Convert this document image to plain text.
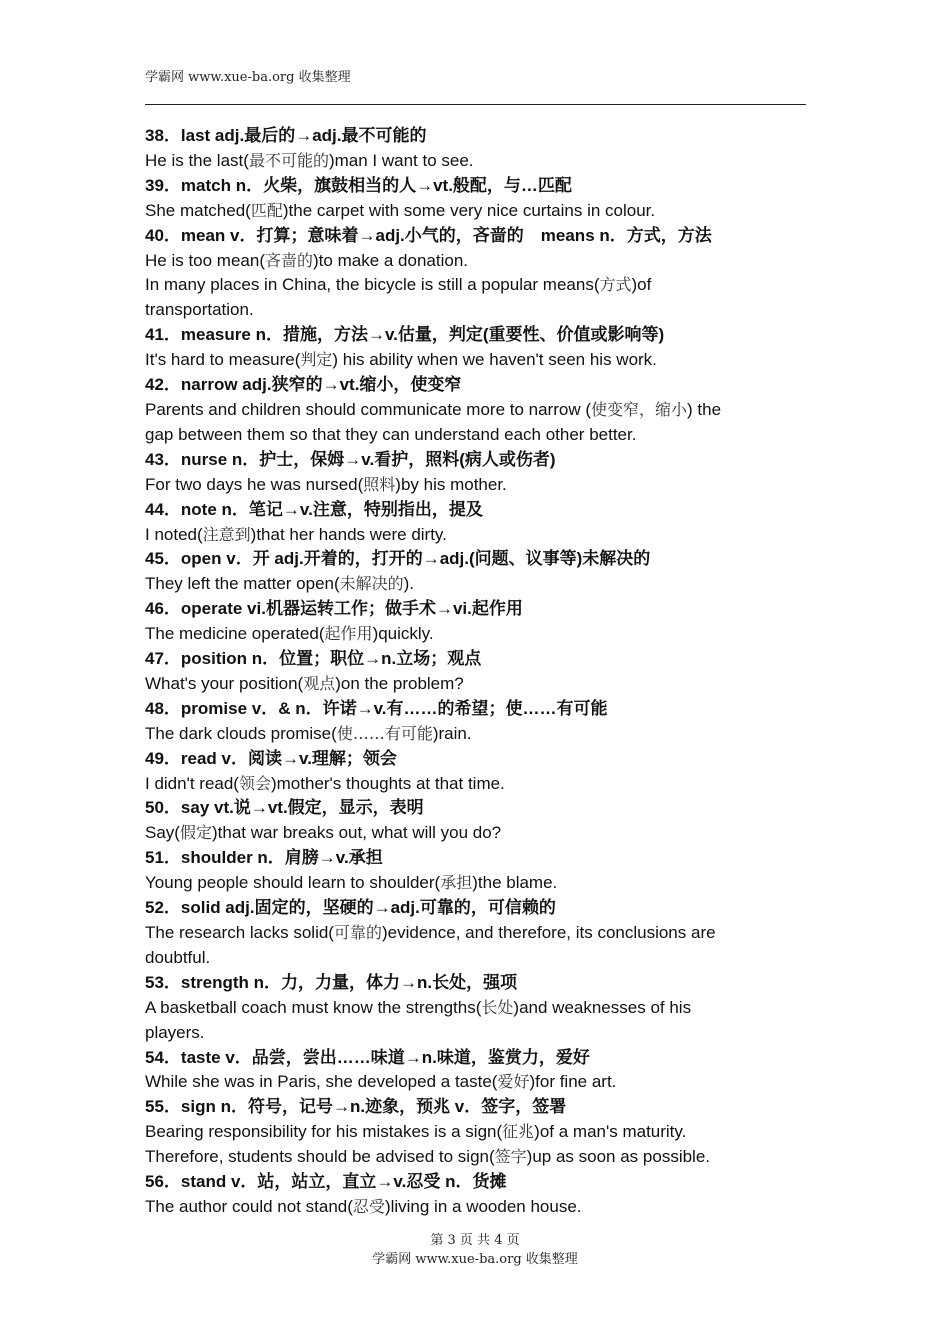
学霸网 www.xue-ba.org 收集整理
38．last adj.最后的→adj.最不可能的
He is the last(最不可能的)man I want to see.
39．match n．火柴，旗鼓相当的人→vt.般配，与…匹配
She matched(匹配)the carpet with some very nice curtains in colour.
40．mean v．打算；意味着→adj.小气的，吝啬的　means n．方式，方法
He is too mean(吝啬的)to make a donation.
In many places in China, the bicycle is still a popular means(方式)of
transportation.
41．measure n．措施，方法→v.估量，判定(重要性、价值或影响等)
It's hard to measure(判定) his ability when we haven't seen his work.
42．narrow adj.狭窄的→vt.缩小，使变窄
Parents and children should communicate more to narrow (使变窄，缩小) the
gap between them so that they can understand each other better.
43．nurse n．护士，保姆→v.看护，照料(病人或伤者)
For two days he was nursed(照料)by his mother.
44．note n．笔记→v.注意，特别指出，提及
I noted(注意到)that her hands were dirty.
45．open v．开 adj.开着的，打开的→adj.(问题、议事等)未解决的
They left the matter open(未解决的).
46．operate vi.机器运转工作；做手术→vi.起作用
The medicine operated(起作用)quickly.
47．position n．位置；职位→n.立场；观点
What's your position(观点)on the problem?
48．promise v．& n．许诺→v.有……的希望；使……有可能
The dark clouds promise(使……有可能)rain.
49．read v．阅读→v.理解；领会
I didn't read(领会)mother's thoughts at that time.
50．say vt.说→vt.假定，显示，表明
Say(假定)that war breaks out, what will you do?
51．shoulder n．肩膀→v.承担
Young people should learn to shoulder(承担)the blame.
52．solid adj.固定的，坚硬的→adj.可靠的，可信赖的
The research lacks solid(可靠的)evidence, and therefore, its conclusions are
doubtful.
53．strength n．力，力量，体力→n.长处，强项
A basketball coach must know the strengths(长处)and weaknesses of his
players.
54．taste v．品尝，尝出……味道→n.味道，鉴赏力，爱好
While she was in Paris, she developed a taste(爱好)for fine art.
55．sign n．符号，记号→n.迹象，预兆 v．签字，签署
Bearing responsibility for his mistakes is a sign(征兆)of a man's maturity.
Therefore, students should be advised to sign(签字)up as soon as possible.
56．stand v．站，站立，直立→v.忍受 n．货摊
The author could not stand(忍受)living in a wooden house.
第 3 页 共 4 页
学霸网 www.xue-ba.org 收集整理
